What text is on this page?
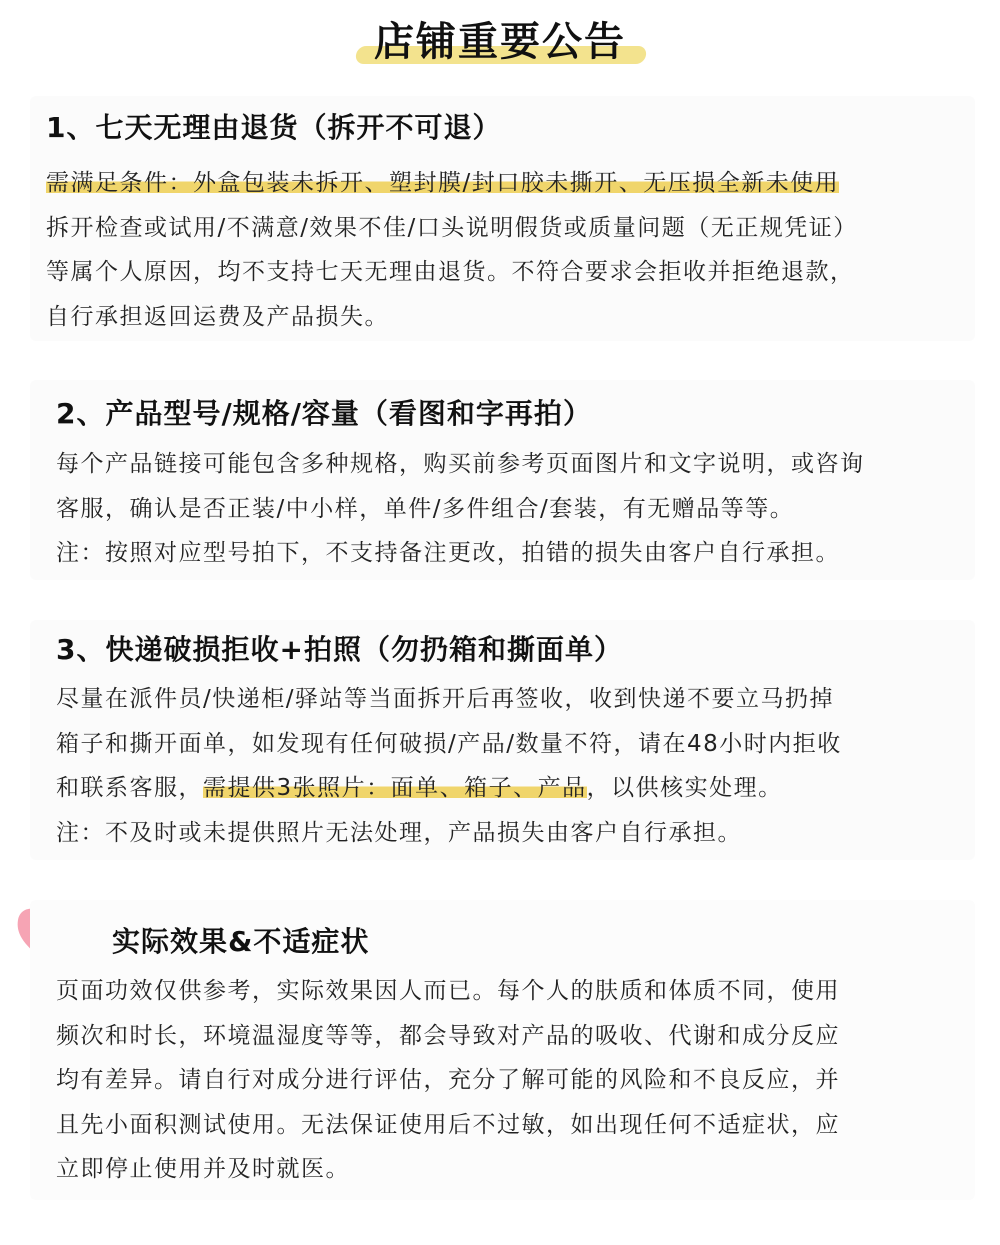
店铺重要公告
1、七天无理由退货（拆开不可退）
需满足条件：外盒包装未拆开、塑封膜/封口胶未撕开、无压损全新未使用
拆开检查或试用/不满意/效果不佳/口头说明假货或质量问题（无正规凭证）
等属个人原因，均不支持七天无理由退货。不符合要求会拒收并拒绝退款，
自行承担返回运费及产品损失。
2、产品型号/规格/容量（看图和字再拍）
每个产品链接可能包含多种规格，购买前参考页面图片和文字说明，或咨询
客服，确认是否正装/中小样，单件/多件组合/套装，有无赠品等等。
注：按照对应型号拍下，不支持备注更改，拍错的损失由客户自行承担。
3、快递破损拒收+拍照（勿扔箱和撕面单）
尽量在派件员/快递柜/驿站等当面拆开后再签收，收到快递不要立马扔掉
箱子和撕开面单，如发现有任何破损/产品/数量不符，请在48小时内拒收
和联系客服，需提供3张照片：面单、箱子、产品，以供核实处理。
注：不及时或未提供照片无法处理，产品损失由客户自行承担。
实际效果&不适症状
页面功效仅供参考，实际效果因人而已。每个人的肤质和体质不同，使用
频次和时长，环境温湿度等等，都会导致对产品的吸收、代谢和成分反应
均有差异。请自行对成分进行评估，充分了解可能的风险和不良反应，并
且先小面积测试使用。无法保证使用后不过敏，如出现任何不适症状，应
立即停止使用并及时就医。
